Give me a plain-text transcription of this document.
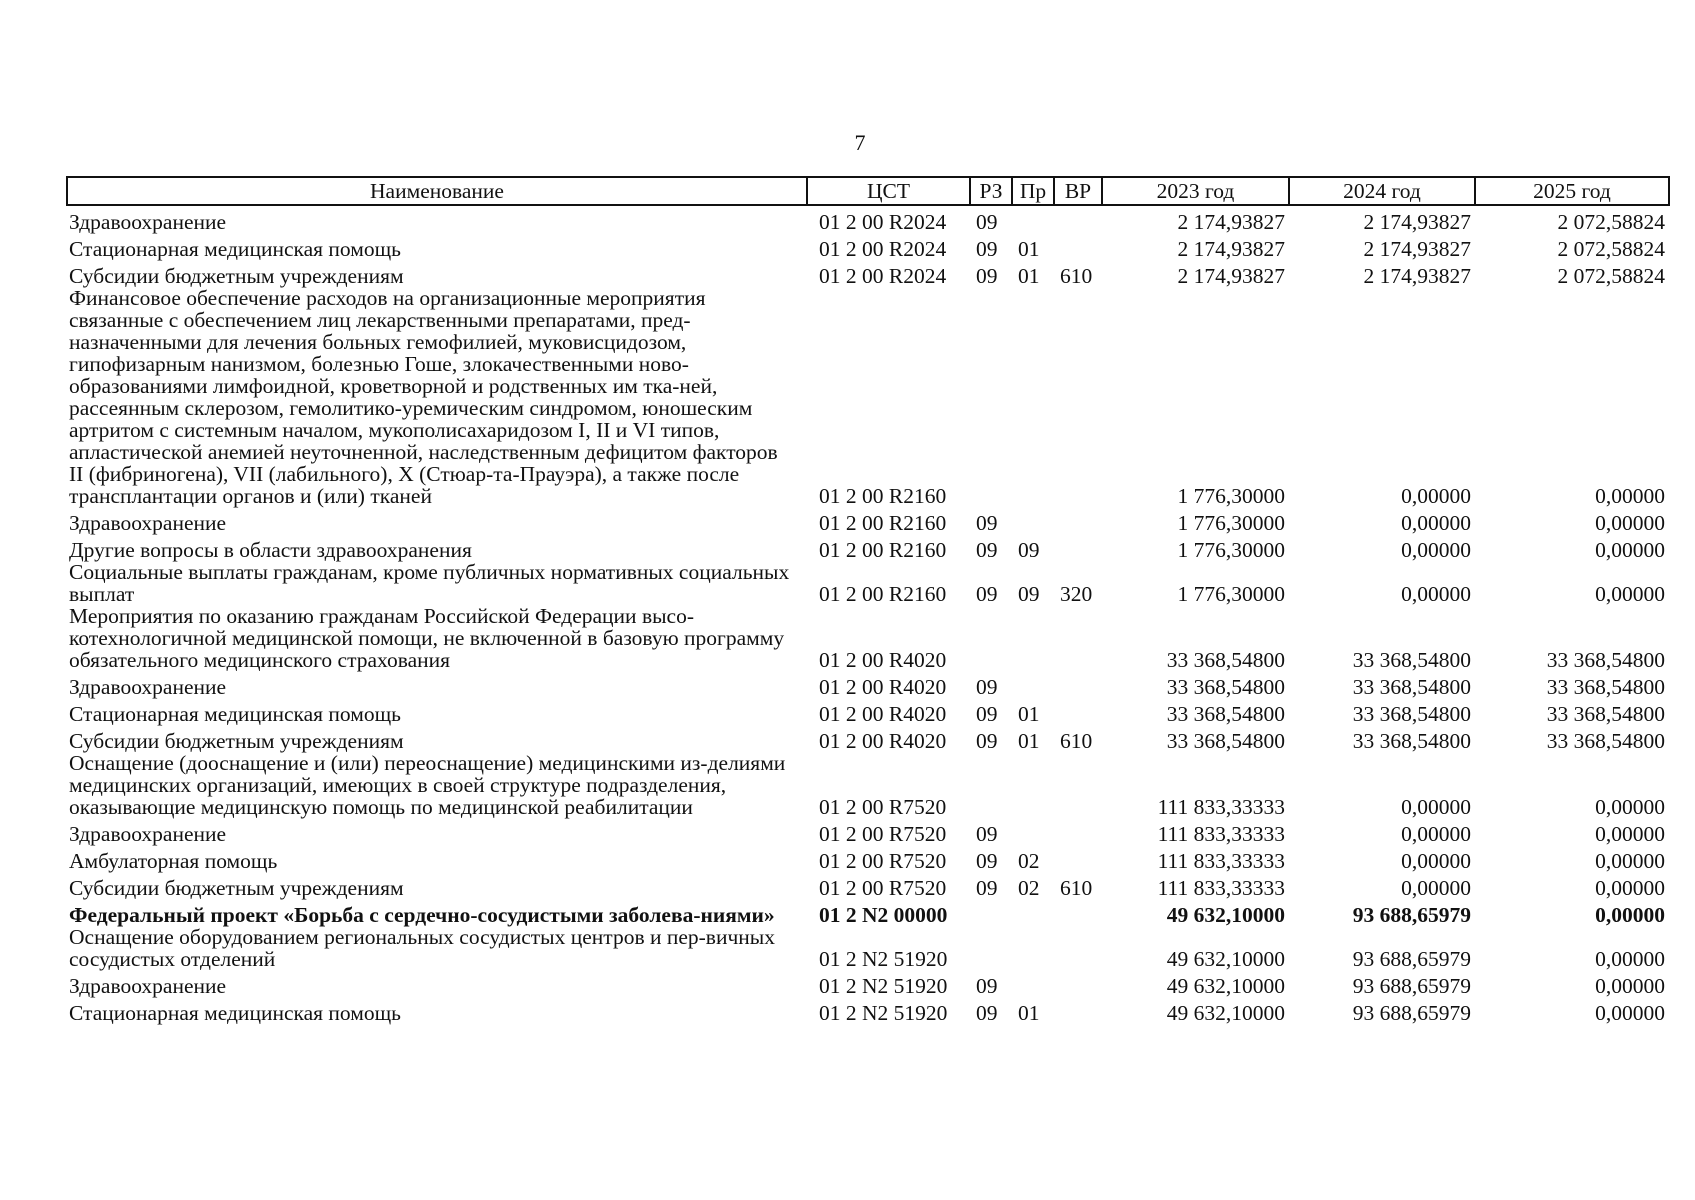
7
Наименование	ЦСТ	РЗ	Пр	ВР	2023 год	2024 год	2025 год
Здравоохранение	01 2 00 R2024	09			2 174,93827	2 174,93827	2 072,58824
Стационарная медицинская помощь	01 2 00 R2024	09	01		2 174,93827	2 174,93827	2 072,58824
Субсидии бюджетным учреждениям	01 2 00 R2024	09	01	610	2 174,93827	2 174,93827	2 072,58824
Финансовое обеспечение расходов на организационные мероприятия связанные с обеспечением лиц лекарственными препаратами, пред-назначенными для лечения больных гемофилией, муковисцидозом, гипофизарным нанизмом, болезнью Гоше, злокачественными ново-образованиями лимфоидной, кроветворной и родственных им тка-ней, рассеянным склерозом, гемолитико-уремическим синдромом, юношеским артритом с системным началом, мукополисахаридозом I, II и VI типов, апластической анемией неуточненной, наследственным дефицитом факторов II (фибриногена), VII (лабильного), X (Стюар-та-Прауэра), а также после трансплантации органов и (или) тканей	01 2 00 R2160				1 776,30000	0,00000	0,00000
Здравоохранение	01 2 00 R2160	09			1 776,30000	0,00000	0,00000
Другие вопросы в области здравоохранения	01 2 00 R2160	09	09		1 776,30000	0,00000	0,00000
Социальные выплаты гражданам, кроме публичных нормативных социальных выплат	01 2 00 R2160	09	09	320	1 776,30000	0,00000	0,00000
Мероприятия по оказанию гражданам Российской Федерации высо-котехнологичной медицинской помощи, не включенной в базовую программу обязательного медицинского страхования	01 2 00 R4020				33 368,54800	33 368,54800	33 368,54800
Здравоохранение	01 2 00 R4020	09			33 368,54800	33 368,54800	33 368,54800
Стационарная медицинская помощь	01 2 00 R4020	09	01		33 368,54800	33 368,54800	33 368,54800
Субсидии бюджетным учреждениям	01 2 00 R4020	09	01	610	33 368,54800	33 368,54800	33 368,54800
Оснащение (дооснащение и (или) переоснащение) медицинскими из-делиями медицинских организаций, имеющих в своей структуре подразделения, оказывающие медицинскую помощь по медицинской реабилитации	01 2 00 R7520				111 833,33333	0,00000	0,00000
Здравоохранение	01 2 00 R7520	09			111 833,33333	0,00000	0,00000
Амбулаторная помощь	01 2 00 R7520	09	02		111 833,33333	0,00000	0,00000
Субсидии бюджетным учреждениям	01 2 00 R7520	09	02	610	111 833,33333	0,00000	0,00000
Федеральный проект «Борьба с сердечно-сосудистыми заболева-ниями»	01 2 N2 00000				49 632,10000	93 688,65979	0,00000
Оснащение оборудованием региональных сосудистых центров и пер-вичных сосудистых отделений	01 2 N2 51920				49 632,10000	93 688,65979	0,00000
Здравоохранение	01 2 N2 51920	09			49 632,10000	93 688,65979	0,00000
Стационарная медицинская помощь	01 2 N2 51920	09	01		49 632,10000	93 688,65979	0,00000
